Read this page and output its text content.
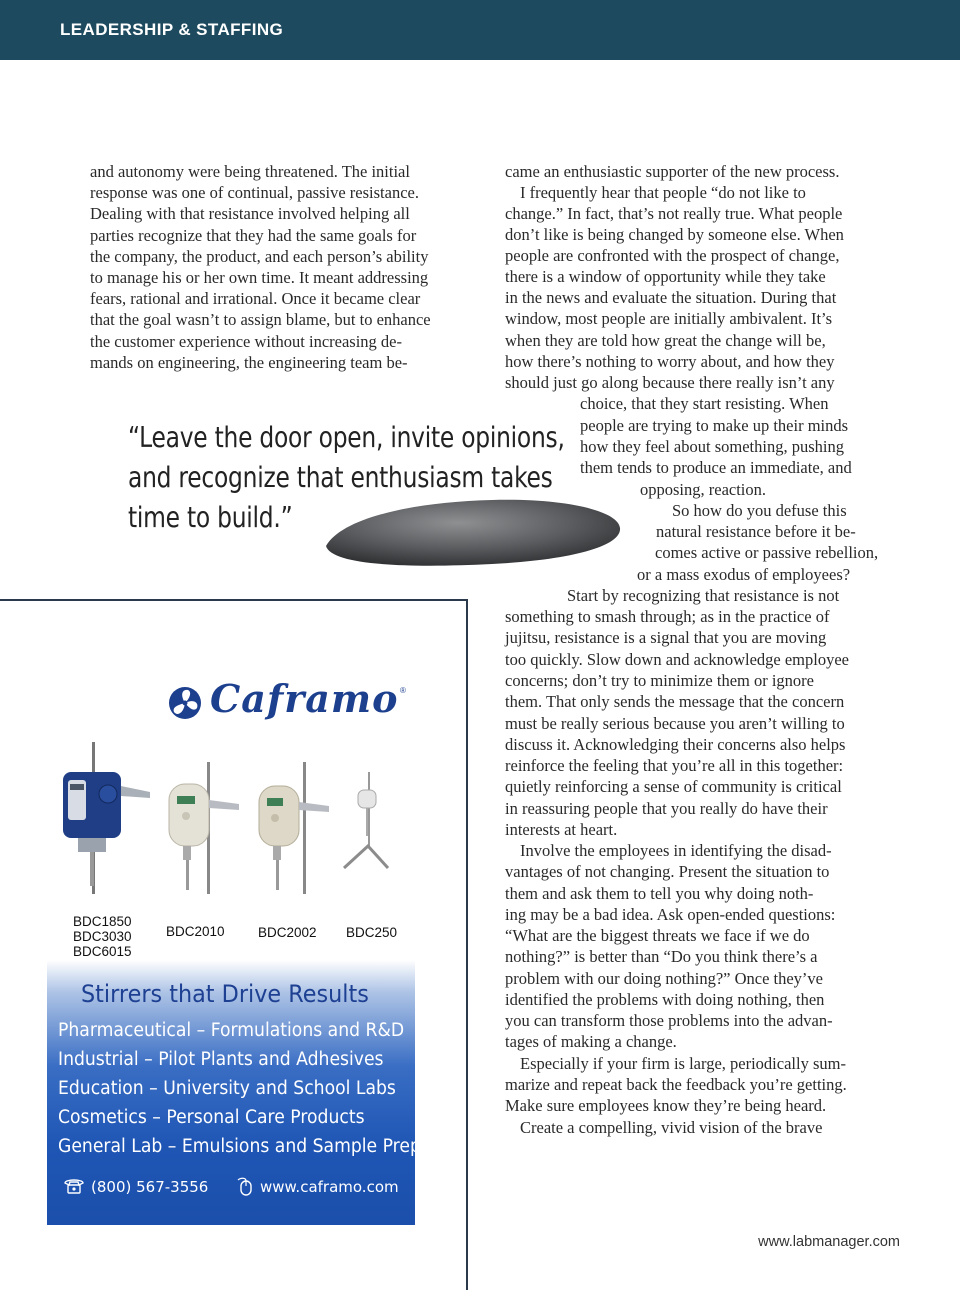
LEADERSHIP & STAFFING

and autonomy were being threatened. The initial

response was one of continual, passive resistance.

Dealing with that resistance involved helping all

parties recognize that they had the same goals for

the company, the product, and each person’s ability

to manage his or her own time. It meant addressing

fears, rational and irrational. Once it became clear

that the goal wasn’t to assign blame, but to enhance

the customer experience without increasing de-

mands on engineering, the engineering team be-

“Leave the door open, invite opinions,
and recognize that enthusiasm takes
time to build.”
came an enthusiastic supporter of the new process.
I frequently hear that people “do not like to
change.” In fact, that’s not really true. What people
don’t like is being changed by someone else. When
people are confronted with the prospect of change,
there is a window of opportunity while they take
in the news and evaluate the situation. During that
window, most people are initially ambivalent. It’s
when they are told how great the change will be,
how there’s nothing to worry about, and how they
should just go along because there really isn’t any
choice, that they start resisting. When
people are trying to make up their minds
how they feel about something, pushing
them tends to produce an immediate, and
opposing, reaction.
So how do you defuse this
natural resistance before it be-
comes active or passive rebellion,
or a mass exodus of employees?
Start by recognizing that resistance is not
something to smash through; as in the practice of
jujitsu, resistance is a signal that you are moving
too quickly. Slow down and acknowledge employee
concerns; don’t try to minimize them or ignore
them. That only sends the message that the concern
must be really serious because you aren’t willing to
discuss it. Acknowledging their concerns also helps
reinforce the feeling that you’re all in this together:
quietly reinforcing a sense of community is critical
in reassuring people that you really do have their
interests at heart.
Involve the employees in identifying the disad-
vantages of not changing. Present the situation to
them and ask them to tell you why doing noth-
ing may be a bad idea. Ask open-ended questions:
“What are the biggest threats we face if we do
nothing?” is better than “Do you think there’s a
problem with our doing nothing?” Once they’ve
identified the problems with doing nothing, then
you can transform those problems into the advan-
tages of making a change.
Especially if your firm is large, periodically sum-
marize and repeat back the feedback you’re getting.
Make sure employees know they’re being heard.
Create a compelling, vivid vision of the brave
Caframo ®
BDC1850
BDC3030
BDC6015
BDC2010 BDC2002 BDC250
Stirrers that Drive Results
Pharmaceutical – Formulations and R&D
Industrial – Pilot Plants and Adhesives
Education – University and School Labs
Cosmetics – Personal Care Products
General Lab – Emulsions and Sample Prep
(800) 567-3556	www.caframo.com
www.labmanager.com
